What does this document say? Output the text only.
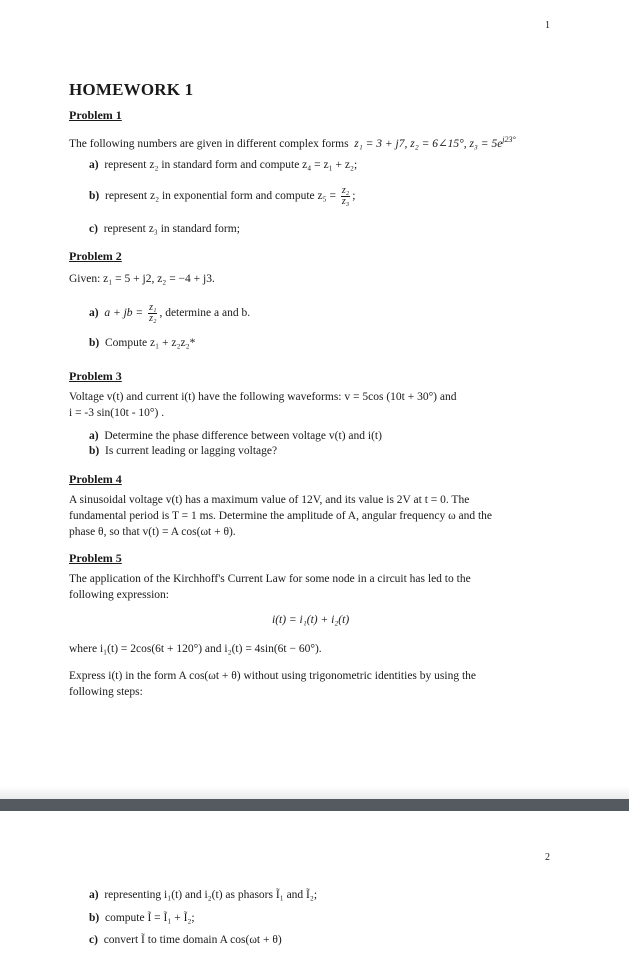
1
HOMEWORK 1
Problem 1
The following numbers are given in different complex forms z₁ = 3 + j7, z₂ = 6∠15°, $z_3 = 5e^{j23^\circ}$
a) represent z₂ in standard form and compute z₄ = z₁ + z₂;
b) represent z₂ in exponential form and compute $z_5 = \frac{\text{z₂}}{\text{z₃}}$ ;
c) represent z₃ in standard form;
Problem 2
Given: z₁ = 5 + j2, z₂ = −4 + j3.
a) a + jb = $\frac{\text{z₁}}{\text{z₂}}$ , determine a and b.
b) Compute z₁ + z₂z₂*
Problem 3
Voltage v(t) and current i(t) have the following waveforms: v = 5cos (10t + 30°) and
i = -3 sin(10t - 10°) .
a) Determine the phase difference between voltage v(t) and i(t)
b) Is current leading or lagging voltage?
Problem 4
A sinusoidal voltage v(t) has a maximum value of 12V, and its value is 2V at t = 0. The
fundamental period is T = 1 ms. Determine the amplitude of A, angular frequency ω and the
phase θ, so that v(t) = A cos(ωt + θ).
Problem 5
The application of the Kirchhoff's Current Law for some node in a circuit has led to the
following expression:
i(t) = i₁(t) + i₂(t)
where i₁(t) = 2cos(6t + 120°) and i₂(t) = 4sin(6t − 60°).
Express i(t) in the form A cos(ωt + θ) without using trigonometric identities by using the
following steps:
2
a) representing i₁(t) and i₂(t) as phasors Ĩ₁ and Ĩ₂;
b) compute Ĩ = Ĩ₁ + Ĩ₂;
c) convert Ĩ to time domain A cos(ωt + θ)
